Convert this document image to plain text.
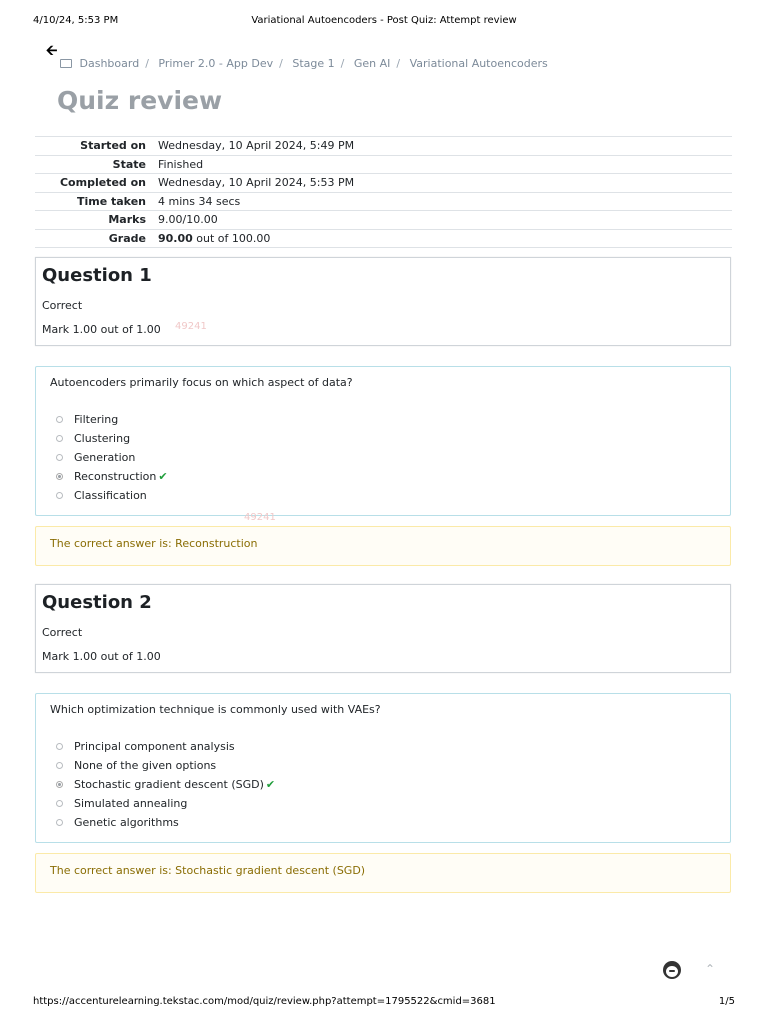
4/10/24, 5:53 PM	Variational Autoencoders - Post Quiz: Attempt review
🡨
Dashboard / Primer 2.0 - App Dev / Stage 1 / Gen AI / Variational Autoencoders
Quiz review
Started on	Wednesday, 10 April 2024, 5:49 PM
State	Finished
Completed on	Wednesday, 10 April 2024, 5:53 PM
Time taken	4 mins 34 secs
Marks	9.00/10.00
Grade	90.00 out of 100.00
Question 1
Correct
Mark 1.00 out of 1.00 49241
Autoencoders primarily focus on which aspect of data?
Filtering
Clustering
Generation
Reconstruction ✔
Classification
49241
The correct answer is: Reconstruction
Question 2
Correct
Mark 1.00 out of 1.00
Which optimization technique is commonly used with VAEs?
Principal component analysis
None of the given options
Stochastic gradient descent (SGD) ✔
Simulated annealing
Genetic algorithms
The correct answer is: Stochastic gradient descent (SGD)
⌃
https://accenturelearning.tekstac.com/mod/quiz/review.php?attempt=1795522&cmid=3681	1/5
